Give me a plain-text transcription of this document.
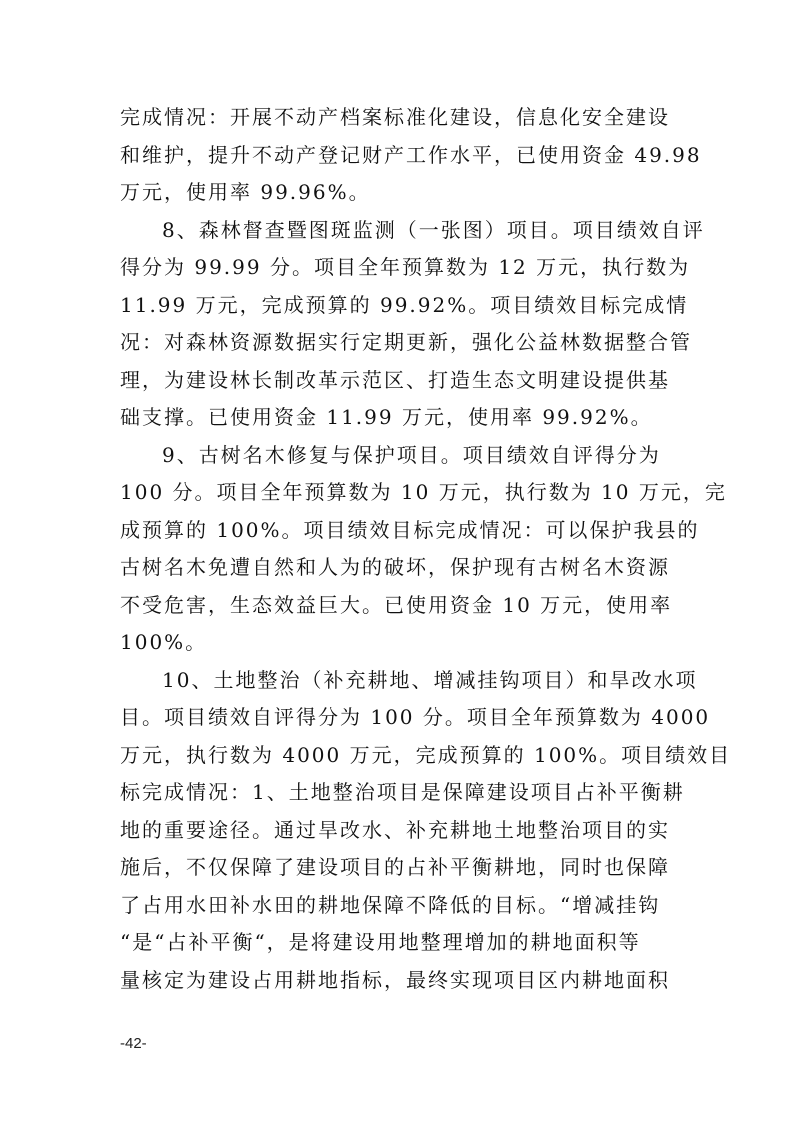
完成情况：开展不动产档案标准化建设，信息化安全建设
和维护，提升不动产登记财产工作水平，已使用资金 49.98
万元，使用率 99.96%。
8、森林督查暨图斑监测（一张图）项目。项目绩效自评
得分为 99.99 分。项目全年预算数为 12 万元，执行数为
11.99 万元，完成预算的 99.92%。项目绩效目标完成情
况：对森林资源数据实行定期更新，强化公益林数据整合管
理，为建设林长制改革示范区、打造生态文明建设提供基
础支撑。已使用资金 11.99 万元，使用率 99.92%。
9、古树名木修复与保护项目。项目绩效自评得分为
100 分。项目全年预算数为 10 万元，执行数为 10 万元，完
成预算的 100%。项目绩效目标完成情况：可以保护我县的
古树名木免遭自然和人为的破坏，保护现有古树名木资源
不受危害，生态效益巨大。已使用资金 10 万元，使用率
100%。
10、土地整治（补充耕地、增减挂钩项目）和旱改水项
目。项目绩效自评得分为 100 分。项目全年预算数为 4000
万元，执行数为 4000 万元，完成预算的 100%。项目绩效目
标完成情况：1、土地整治项目是保障建设项目占补平衡耕
地的重要途径。通过旱改水、补充耕地土地整治项目的实
施后，不仅保障了建设项目的占补平衡耕地，同时也保障
了占用水田补水田的耕地保障不降低的目标。“增减挂钩
“是“占补平衡“，是将建设用地整理增加的耕地面积等
量核定为建设占用耕地指标，最终实现项目区内耕地面积
-42-
